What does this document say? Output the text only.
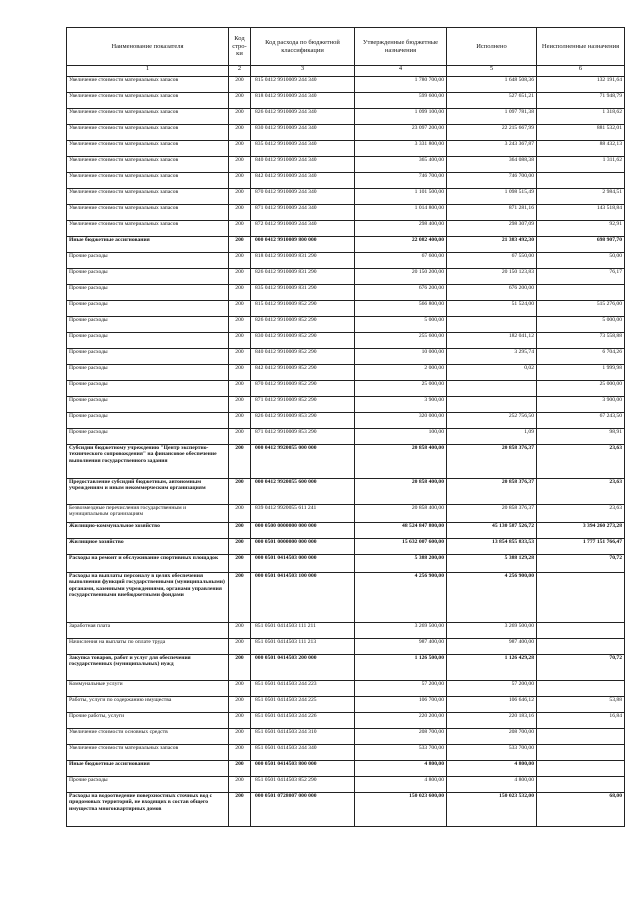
Наименование показателя	Код стро-ки	Код расхода по бюджетной классификации	Утвержденные бюджетные назначения	Исполнено	Неисполненные назначения
1	2	3	4	5	6
Увеличение стоимости материальных запасов	200	815 0412 9910009 244 340	1 780 700,00	1 648 508,36	132 191,64
Увеличение стоимости материальных запасов	200	818 0412 9910009 244 340	599 600,00	527 651,21	71 948,79
Увеличение стоимости материальных запасов	200	826 0412 9910009 244 340	1 099 100,00	1 097 781,38	1 318,62
Увеличение стоимости материальных запасов	200	830 0412 9910009 244 340	23 097 200,00	22 215 667,99	881 532,01
Увеличение стоимости материальных запасов	200	835 0412 9910009 244 340	3 331 800,00	3 243 367,87	88 432,13
Увеличение стоимости материальных запасов	200	840 0412 9910009 244 340	365 400,00	364 088,38	1 311,62
Увеличение стоимости материальных запасов	200	842 0412 9910009 244 340	746 700,00	746 700,00	
Увеличение стоимости материальных запасов	200	870 0412 9910009 244 340	1 101 500,00	1 098 515,49	2 984,51
Увеличение стоимости материальных запасов	200	871 0412 9910009 244 340	1 014 800,00	871 281,16	143 518,84
Увеличение стоимости материальных запасов	200	872 0412 9910009 244 340	298 400,00	298 307,09	92,91
Иные бюджетные ассигнования	200	000 0412 9910009 800 000	22 082 400,00	21 383 492,30	698 907,70
Прочие расходы	200	818 0412 9910009 831 290	67 600,00	67 550,00	50,00
Прочие расходы	200	826 0412 9910009 831 290	20 150 200,00	20 150 123,83	76,17
Прочие расходы	200	835 0412 9910009 831 290	676 200,00	676 200,00	
Прочие расходы	200	815 0412 9910009 852 290	566 800,00	51 524,00	515 276,00
Прочие расходы	200	826 0412 9910009 852 290	5 000,00		5 000,00
Прочие расходы	200	830 0412 9910009 852 290	255 600,00	182 041,12	73 558,88
Прочие расходы	200	840 0412 9910009 852 290	10 000,00	3 295,74	6 704,26
Прочие расходы	200	842 0412 9910009 852 290	2 000,00	0,02	1 999,98
Прочие расходы	200	870 0412 9910009 852 290	25 000,00		25 000,00
Прочие расходы	200	871 0412 9910009 852 290	3 900,00		3 900,00
Прочие расходы	200	826 0412 9910009 853 290	320 000,00	252 756,50	67 243,50
Прочие расходы	200	871 0412 9910009 853 290	100,00	1,09	98,91
Субсидии бюджетному учреждению "Центр экспертно-технического сопровождения" на финансовое обеспечение выполнения государственного задания	200	000 0412 9920055 000 000	20 858 400,00	20 858 376,37	23,63
Предоставление субсидий бюджетным, автономным учреждениям и иным некоммерческим организациям	200	000 0412 9920055 600 000	20 858 400,00	20 858 376,37	23,63
Безвозмездные перечисления государственным и муниципальным организациям	200	839 0412 9920055 611 241	20 858 400,00	20 858 376,37	23,63
Жилищно-коммунальное хозяйство	200	000 0500 0000000 000 000	48 524 847 800,00	45 130 587 526,72	3 394 260 273,28
Жилищное хозяйство	200	000 0501 0000000 000 000	15 632 007 600,00	13 854 855 833,53	1 777 151 766,47
Расходы на ремонт и обслуживание спортивных площадок	200	000 0501 0414503 000 000	5 388 200,00	5 388 129,28	70,72
Расходы на выплаты персоналу в целях обеспечения выполнения функций государственными (муниципальными) органами, казенными учреждениями, органами управления государственными внебюджетными фондами	200	000 0501 0414503 100 000	4 256 900,00	4 256 900,00	
Заработная плата	200	851 0501 0414503 111 211	3 269 500,00	3 269 500,00	
Начисления на выплаты по оплате труда	200	851 0501 0414503 111 213	987 400,00	987 400,00	
Закупка товаров, работ и услуг для обеспечения государственных (муниципальных) нужд	200	000 0501 0414503 200 000	1 126 500,00	1 126 429,28	70,72
Коммунальные услуги	200	851 0501 0414503 244 223	57 200,00	57 200,00	
Работы, услуги по содержанию имущества	200	851 0501 0414503 244 225	106 700,00	106 646,12	53,88
Прочие работы, услуги	200	851 0501 0414503 244 226	220 200,00	220 183,16	16,84
Увеличение стоимости основных средств	200	851 0501 0414503 244 310	208 700,00	208 700,00	
Увеличение стоимости материальных запасов	200	851 0501 0414503 244 340	533 700,00	533 700,00	
Иные бюджетные ассигнования	200	000 0501 0414503 800 000	4 800,00	4 800,00	
Прочие расходы	200	851 0501 0414503 852 290	4 800,00	4 800,00	
Расходы на водоотведение поверхностных сточных вод с придомовых территорий, не входящих в состав общего имущества многоквартирных домов	200	000 0501 0728007 000 000	150 023 600,00	150 023 532,00	68,00
